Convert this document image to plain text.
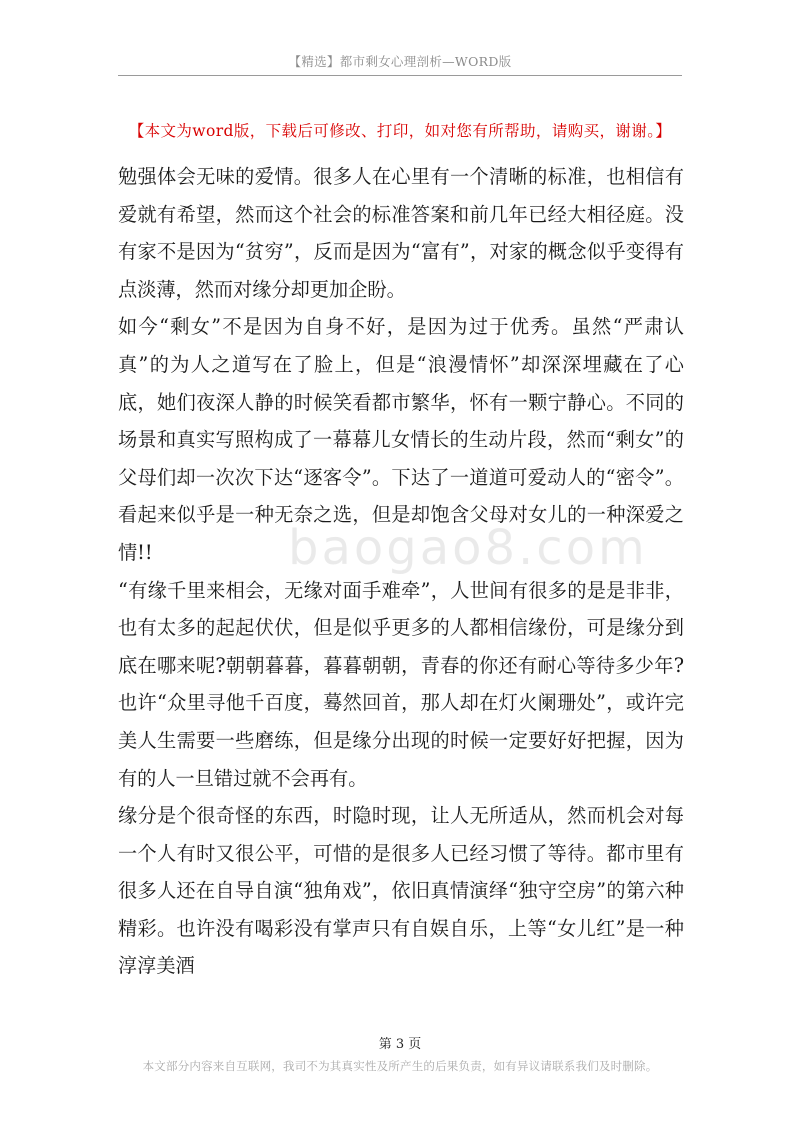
【精选】都市剩女心理剖析—WORD版
【本文为word版，下载后可修改、打印，如对您有所帮助，请购买，谢谢。】
baogao8.com

勉强体会无味的爱情。很多人在心里有一个清晰的标准，也相信有爱就有希望，然而这个社会的标准答案和前几年已经大相径庭。没有家不是因为“贫穷”，反而是因为“富有”，对家的概念似乎变得有点淡薄，然而对缘分却更加企盼。

如今“剩女”不是因为自身不好，是因为过于优秀。虽然“严肃认真”的为人之道写在了脸上，但是“浪漫情怀”却深深埋藏在了心底，她们夜深人静的时候笑看都市繁华，怀有一颗宁静心。不同的场景和真实写照构成了一幕幕儿女情长的生动片段，然而“剩女”的父母们却一次次下达“逐客令”。下达了一道道可爱动人的“密令”。看起来似乎是一种无奈之选，但是却饱含父母对女儿的一种深爱之情!!

“有缘千里来相会，无缘对面手难牵”，人世间有很多的是是非非，也有太多的起起伏伏，但是似乎更多的人都相信缘份，可是缘分到底在哪来呢?朝朝暮暮，暮暮朝朝，青春的你还有耐心等待多少年?也许“众里寻他千百度，蓦然回首，那人却在灯火阑珊处”，或许完美人生需要一些磨练，但是缘分出现的时候一定要好好把握，因为有的人一旦错过就不会再有。

缘分是个很奇怪的东西，时隐时现，让人无所适从，然而机会对每一个人有时又很公平，可惜的是很多人已经习惯了等待。都市里有很多人还在自导自演“独角戏”，依旧真情演绎“独守空房”的第六种精彩。也许没有喝彩没有掌声只有自娱自乐，上等“女儿红”是一种淳淳美酒

第 3 页
本文部分内容来自互联网，我司不为其真实性及所产生的后果负责，如有异议请联系我们及时删除。
